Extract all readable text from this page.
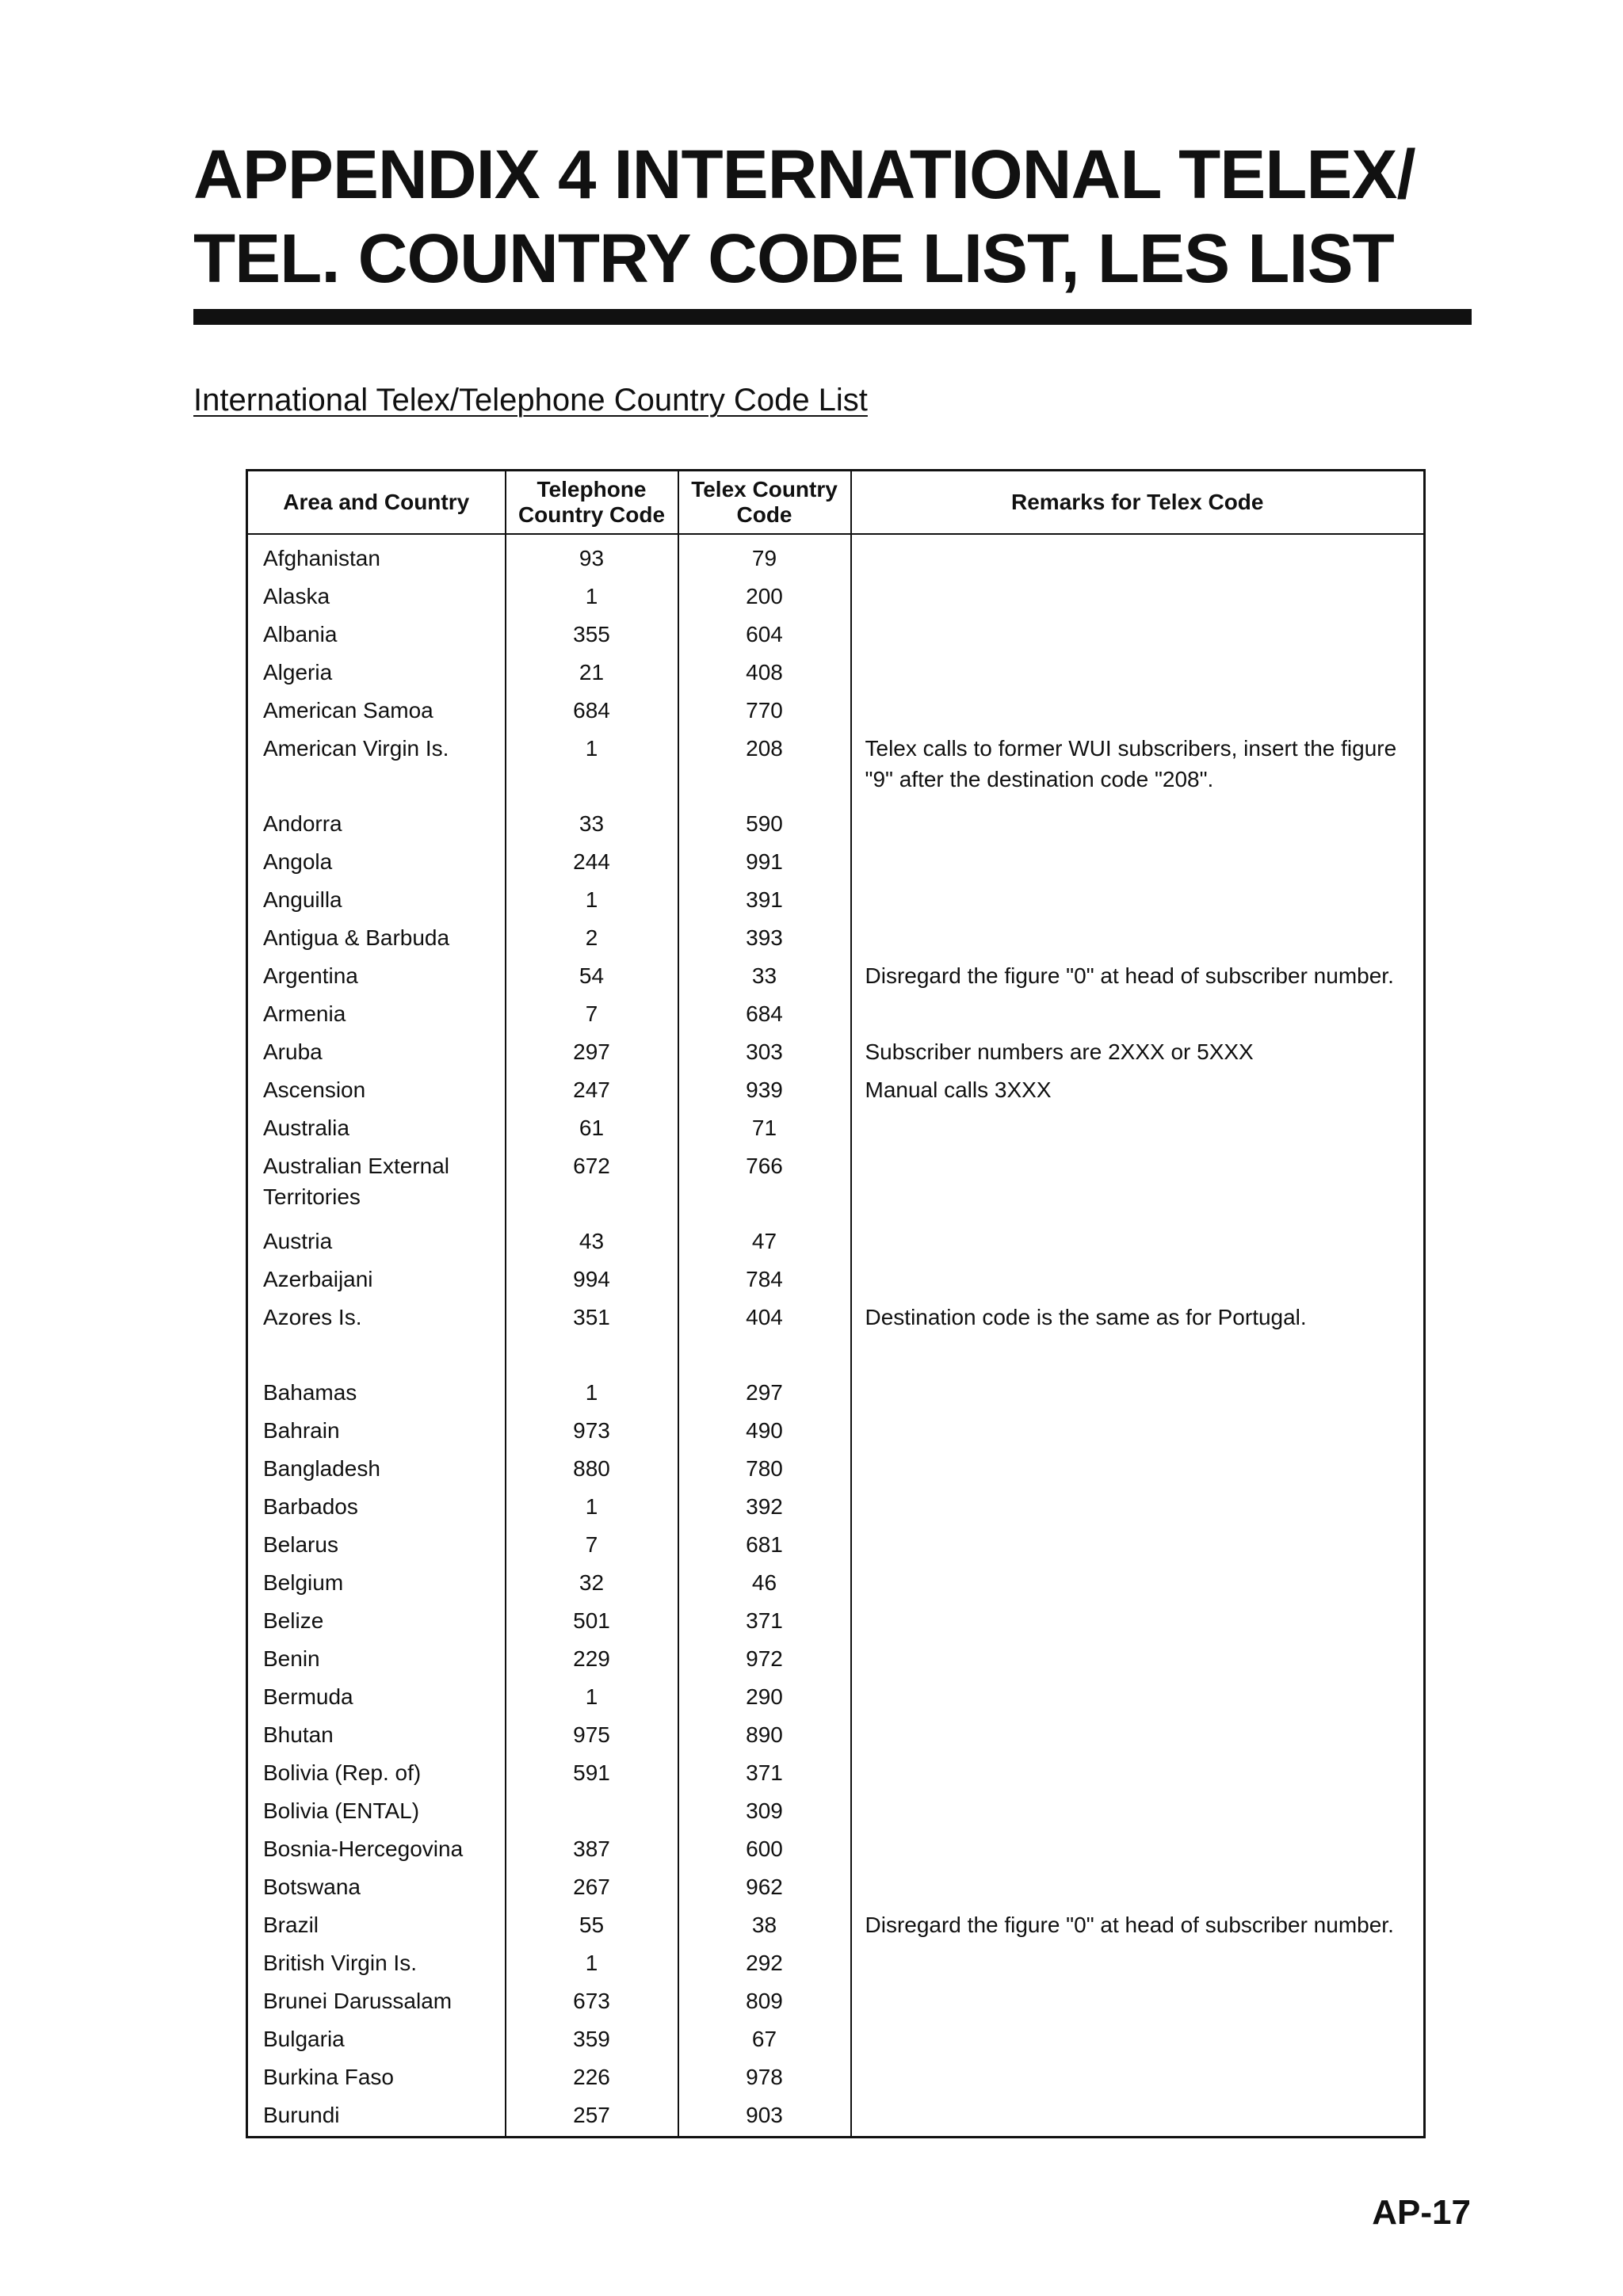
APPENDIX 4 INTERNATIONAL TELEX/
TEL. COUNTRY CODE LIST, LES LIST
International Telex/Telephone Country Code List
Area and Country	Telephone Country Code	Telex Country Code	Remarks for Telex Code
Afghanistan	93	79	
Alaska	1	200	
Albania	355	604	
Algeria	21	408	
American Samoa	684	770	
American Virgin Is.	1	208	Telex calls to former WUI subscribers, insert the figure "9" after the destination code "208".
Andorra	33	590	
Angola	244	991	
Anguilla	1	391	
Antigua & Barbuda	2	393	
Argentina	54	33	Disregard the figure "0" at head of subscriber number.
Armenia	7	684	
Aruba	297	303	Subscriber numbers are 2XXX or 5XXX
Ascension	247	939	Manual calls 3XXX
Australia	61	71	
Australian External Territories	672	766	
Austria	43	47	
Azerbaijani	994	784	
Azores Is.	351	404	Destination code is the same as for Portugal.
Bahamas	1	297	
Bahrain	973	490	
Bangladesh	880	780	
Barbados	1	392	
Belarus	7	681	
Belgium	32	46	
Belize	501	371	
Benin	229	972	
Bermuda	1	290	
Bhutan	975	890	
Bolivia (Rep. of)	591	371	
Bolivia (ENTAL)		309	
Bosnia-Hercegovina	387	600	
Botswana	267	962	
Brazil	55	38	Disregard the figure "0" at head of subscriber number.
British Virgin Is.	1	292	
Brunei Darussalam	673	809	
Bulgaria	359	67	
Burkina Faso	226	978	
Burundi	257	903	
AP-17
